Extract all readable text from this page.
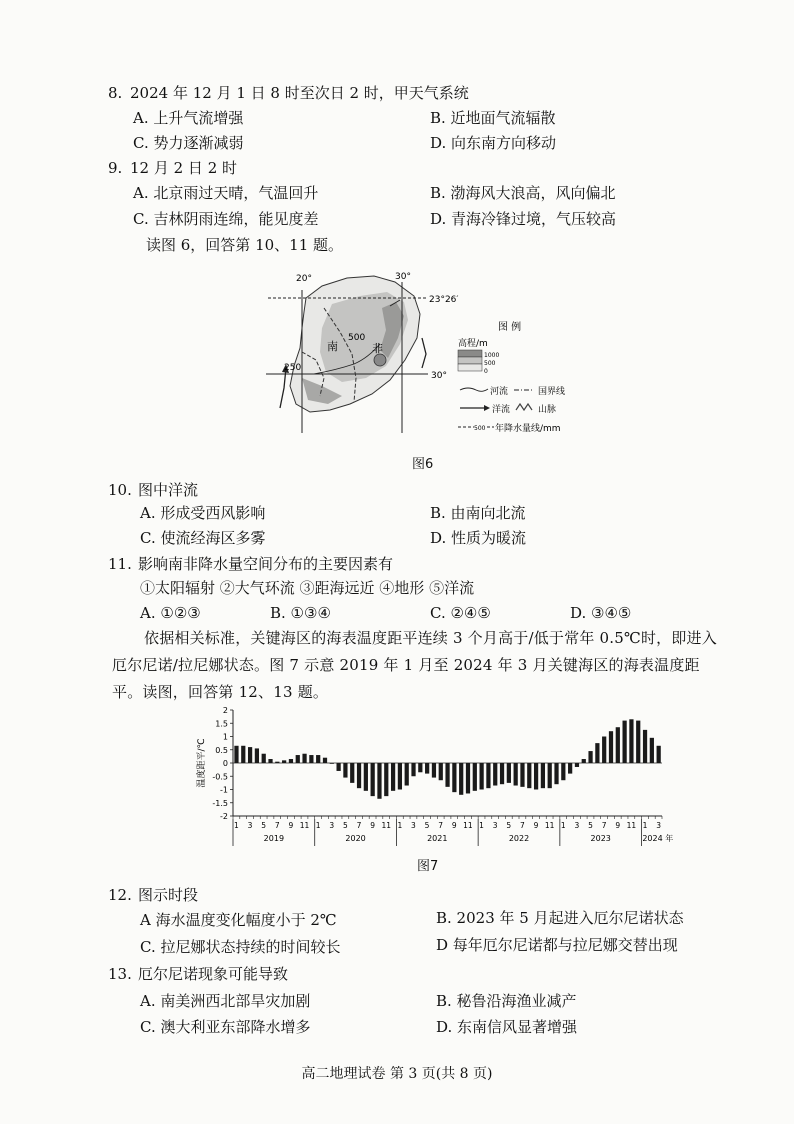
8. 2024 年 12 月 1 日 8 时至次日 2 时，甲天气系统
A. 上升气流增强	B. 近地面气流辐散
C. 势力逐渐减弱	D. 向东南方向移动
9. 12 月 2 日 2 时
A. 北京雨过天晴，气温回升	B. 渤海风大浪高，风向偏北
C. 吉林阴雨连绵，能见度差	D. 青海冷锋过境，气压较高
读图 6，回答第 10、11 题。
20°	30°
23°26′
30°
南	非
500
250
图 例
高程/m
1000
500
0
河流	国界线
洋流	山脉
500 年降水量线/mm
图6
10. 图中洋流
A. 形成受西风影响	B. 由南向北流
C. 使流经海区多雾	D. 性质为暖流
11. 影响南非降水量空间分布的主要因素有
①太阳辐射 ②大气环流 ③距海远近 ④地形 ⑤洋流
A. ①②③	B. ①③④	C. ②④⑤	D. ③④⑤
依据相关标准，关键海区的海表温度距平连续 3 个月高于/低于常年 0.5℃时，即进入厄尔尼诺/拉尼娜状态。图 7 示意 2019 年 1 月至 2024 年 3 月关键海区的海表温度距平。读图，回答第 12、13 题。
温度距平/℃
2
1.5
1
0.5
0
-0.5
-1
-1.5
-2
1 3 5 7 9 11 1 3 5 7 9 11 1 3 5 7 9 11 1 3 5 7 9 11 1 3 5 7 9 11 1 3
2019	2020	2021	2022	2023	2024 年
图7
12. 图示时段
A 海水温度变化幅度小于 2℃	B. 2023 年 5 月起进入厄尔尼诺状态
C. 拉尼娜状态持续的时间较长	D 每年厄尔尼诺都与拉尼娜交替出现
13. 厄尔尼诺现象可能导致
A. 南美洲西北部旱灾加剧	B. 秘鲁沿海渔业减产
C. 澳大利亚东部降水增多	D. 东南信风显著增强
高二地理试卷 第 3 页(共 8 页)
